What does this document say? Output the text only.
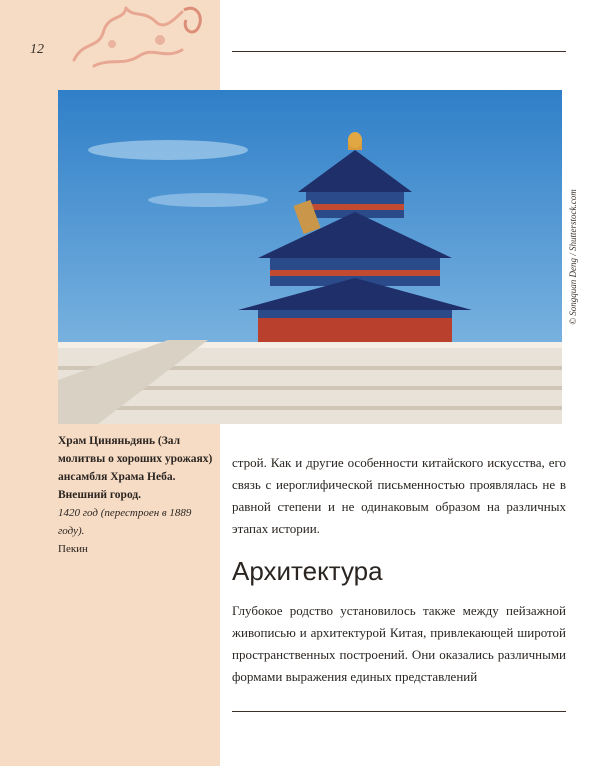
12
© Songquan Deng / Shutterstock.com
Храм Циняньдянь (Зал молитвы о хороших урожаях) ансамбля Храма Неба. Внешний город.
1420 год (перестроен в 1889 году).
Пекин
строй. Как и другие особенности китайского искусства, его связь с иероглифической письменностью проявлялась не в равной степени и не одинаковым образом на различных этапах истории.
Архитектура
Глубокое родство установилось также между пейзажной живописью и архитектурой Китая, привлекающей широтой пространственных построений. Они оказались различными формами выражения единых представлений
